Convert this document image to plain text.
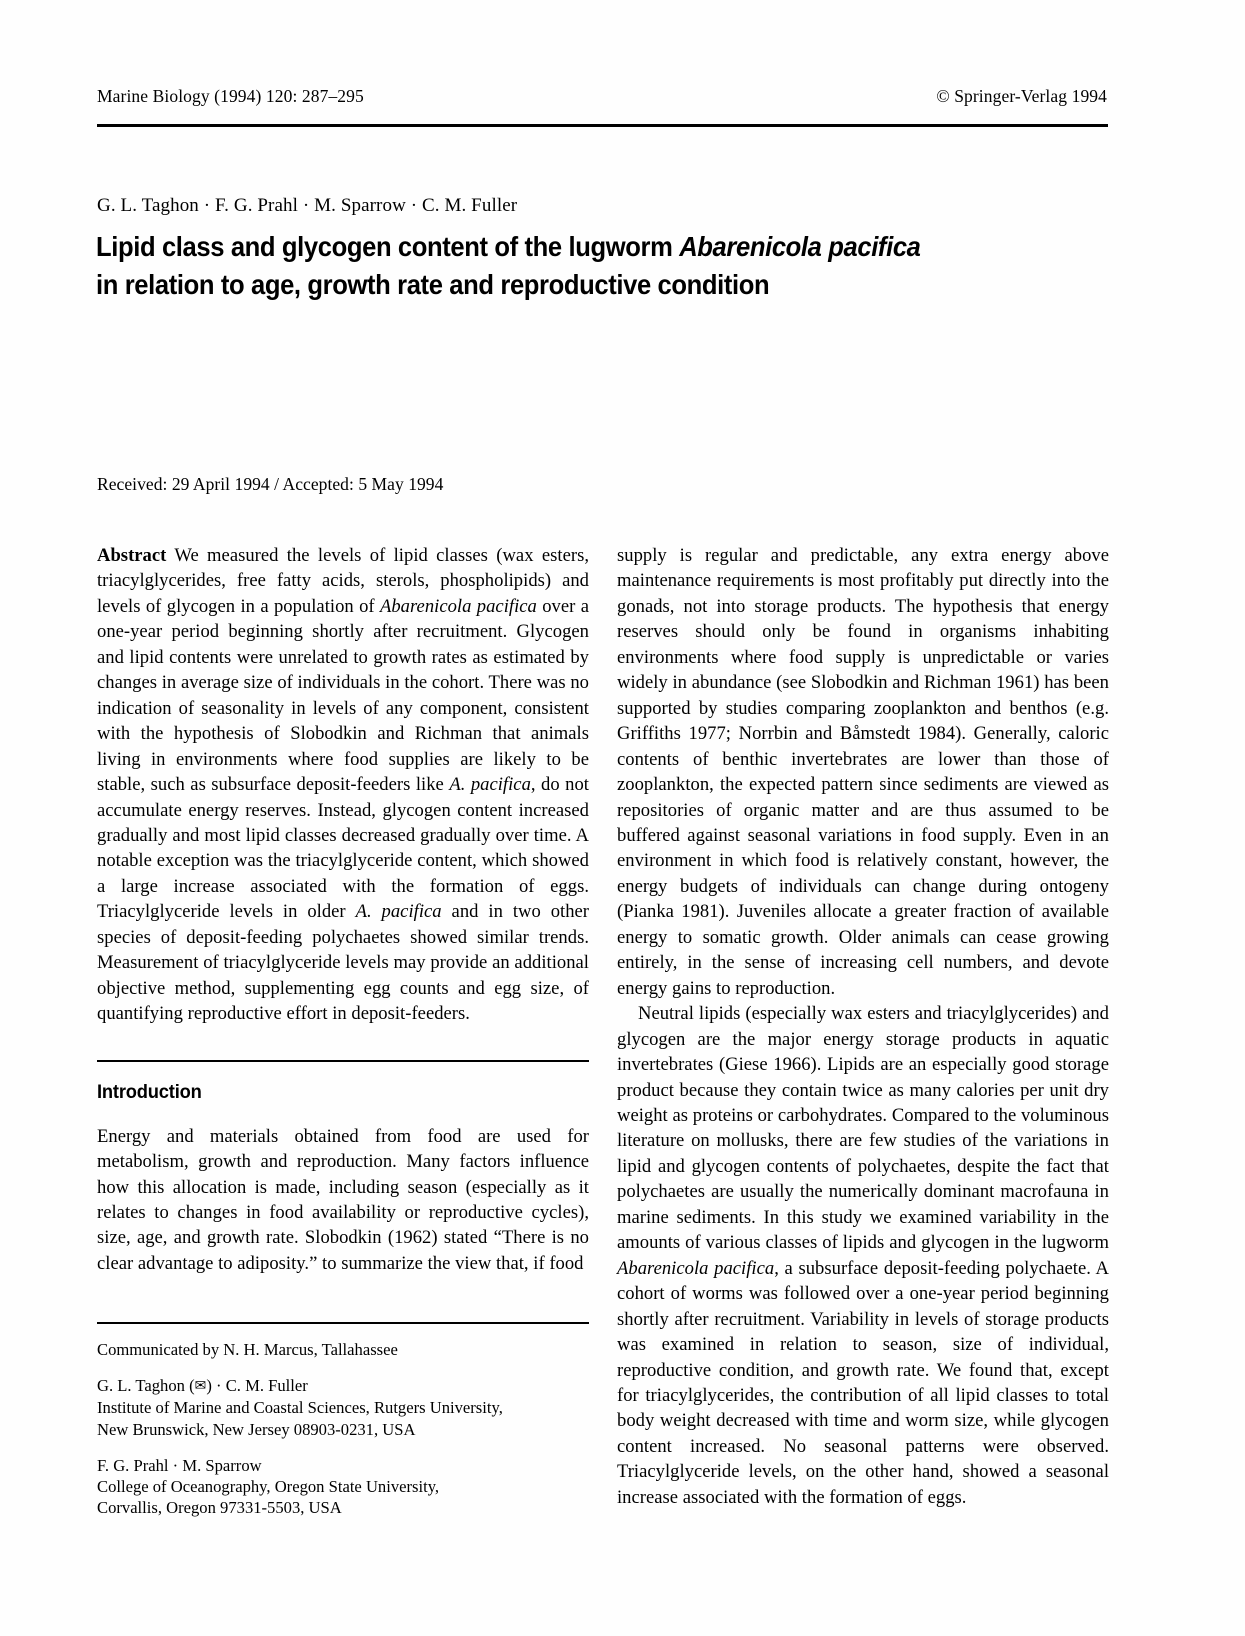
Marine Biology (1994) 120: 287–295	© Springer-Verlag 1994
G. L. Taghon · F. G. Prahl · M. Sparrow · C. M. Fuller
Lipid class and glycogen content of the lugworm Abarenicola pacifica
in relation to age, growth rate and reproductive condition
Received: 29 April 1994 / Accepted: 5 May 1994

Abstract We measured the levels of lipid classes (wax esters, triacylglycerides, free fatty acids, sterols, phospholipids) and levels of glycogen in a population of Abarenicola pacifica over a one-year period beginning shortly after recruitment. Glycogen and lipid contents were unrelated to growth rates as estimated by changes in average size of individuals in the cohort. There was no indication of seasonality in levels of any component, consistent with the hypothesis of Slobodkin and Richman that animals living in environments where food supplies are likely to be stable, such as subsurface deposit-feeders like A. pacifica, do not accumulate energy reserves. Instead, glycogen content increased gradually and most lipid classes decreased gradually over time. A notable exception was the triacylglyceride content, which showed a large increase associated with the formation of eggs. Triacylglyceride levels in older A. pacifica and in two other species of deposit-feeding polychaetes showed similar trends. Measurement of triacylglyceride levels may provide an additional objective method, supplementing egg counts and egg size, of quantifying reproductive effort in deposit-feeders.

Introduction

Energy and materials obtained from food are used for metabolism, growth and reproduction. Many factors influence how this allocation is made, including season (especially as it relates to changes in food availability or reproductive cycles), size, age, and growth rate. Slobodkin (1962) stated “There is no clear advantage to adiposity.” to summarize the view that, if food

supply is regular and predictable, any extra energy above maintenance requirements is most profitably put directly into the gonads, not into storage products. The hypothesis that energy reserves should only be found in organisms inhabiting environments where food supply is unpredictable or varies widely in abundance (see Slobodkin and Richman 1961) has been supported by studies comparing zooplankton and benthos (e.g. Griffiths 1977; Norrbin and Båmstedt 1984). Generally, caloric contents of benthic invertebrates are lower than those of zooplankton, the expected pattern since sediments are viewed as repositories of organic matter and are thus assumed to be buffered against seasonal variations in food supply. Even in an environment in which food is relatively constant, however, the energy budgets of individuals can change during ontogeny (Pianka 1981). Juveniles allocate a greater fraction of available energy to somatic growth. Older animals can cease growing entirely, in the sense of increasing cell numbers, and devote energy gains to reproduction.

Neutral lipids (especially wax esters and triacylglycerides) and glycogen are the major energy storage products in aquatic invertebrates (Giese 1966). Lipids are an especially good storage product because they contain twice as many calories per unit dry weight as proteins or carbohydrates. Compared to the voluminous literature on mollusks, there are few studies of the variations in lipid and glycogen contents of polychaetes, despite the fact that polychaetes are usually the numerically dominant macrofauna in marine sediments. In this study we examined variability in the amounts of various classes of lipids and glycogen in the lugworm Abarenicola pacifica, a subsurface deposit-feeding polychaete. A cohort of worms was followed over a one-year period beginning shortly after recruitment. Variability in levels of storage products was examined in relation to season, size of individual, reproductive condition, and growth rate. We found that, except for triacylglycerides, the contribution of all lipid classes to total body weight decreased with time and worm size, while glycogen content increased. No seasonal patterns were observed. Triacylglyceride levels, on the other hand, showed a seasonal increase associated with the formation of eggs.

Communicated by N. H. Marcus, Tallahassee
G. L. Taghon (✉) · C. M. Fuller
Institute of Marine and Coastal Sciences, Rutgers University,
New Brunswick, New Jersey 08903-0231, USA
F. G. Prahl · M. Sparrow
College of Oceanography, Oregon State University,
Corvallis, Oregon 97331-5503, USA
